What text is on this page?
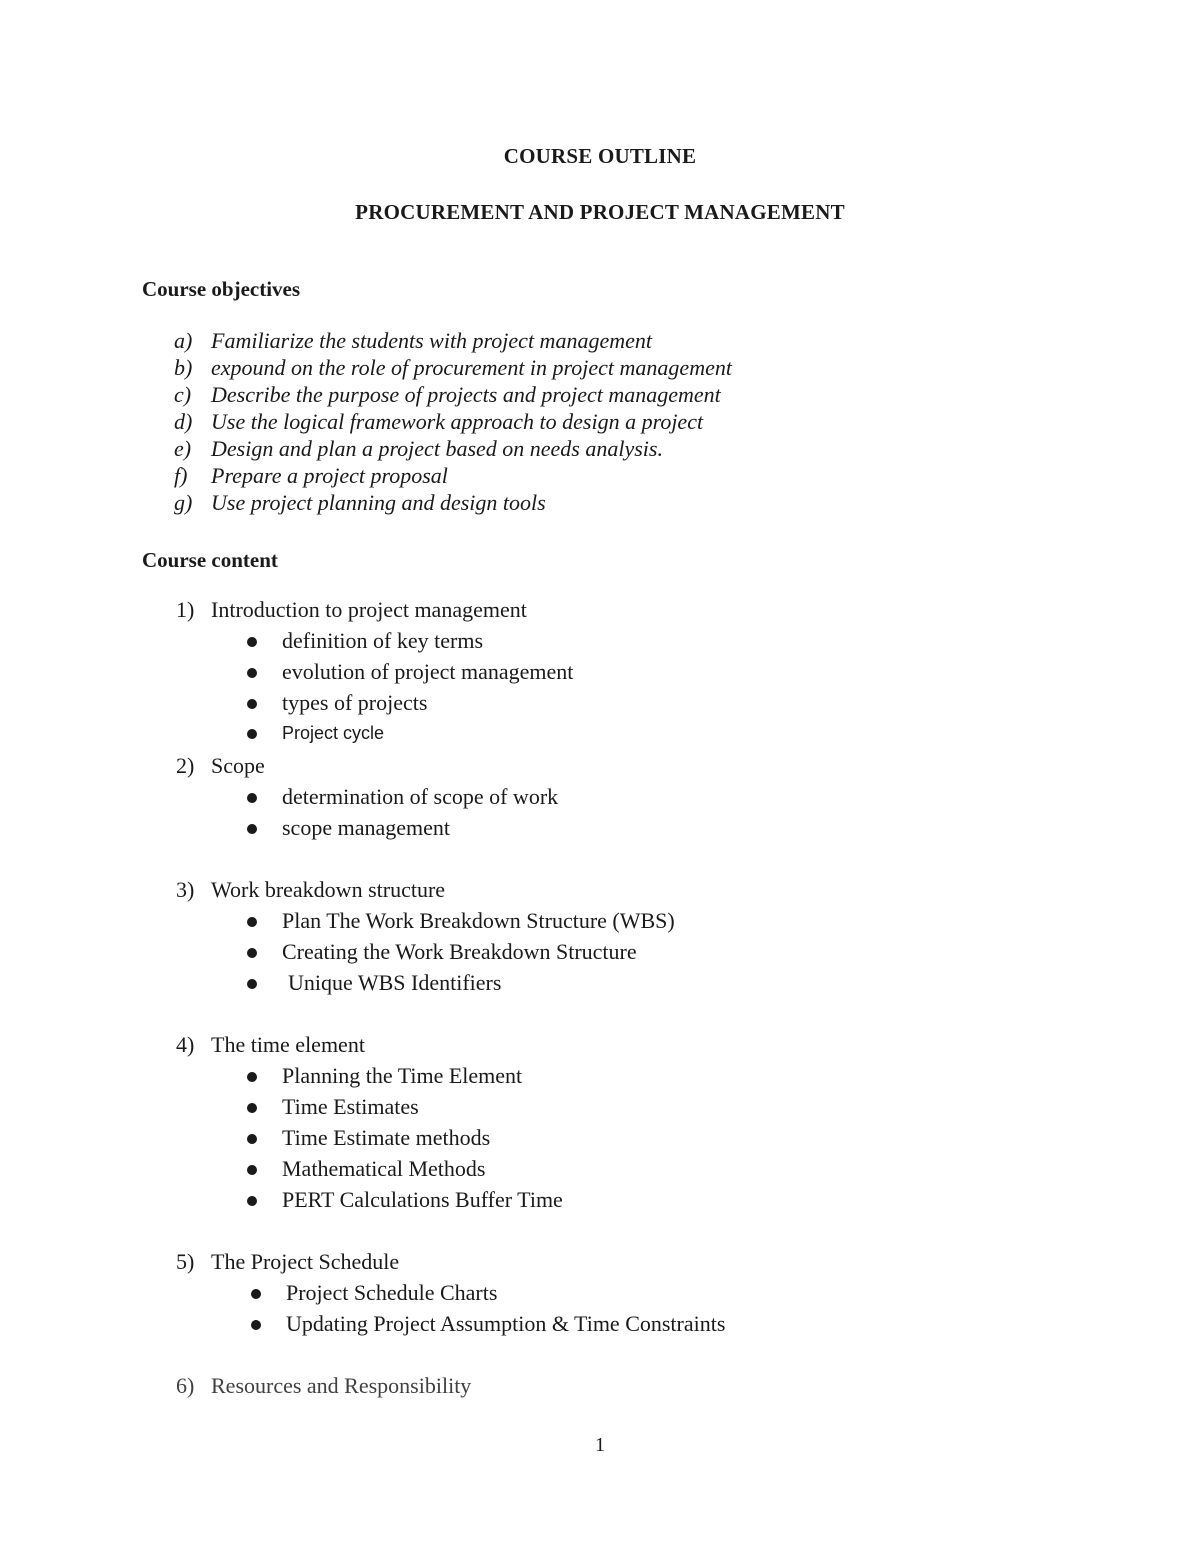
COURSE OUTLINE
PROCUREMENT AND PROJECT MANAGEMENT
Course objectives
a) Familiarize the students with project management
b) expound on the role of procurement in project management
c) Describe the purpose of projects and project management
d) Use the logical framework approach to design a project
e) Design and plan a project based on needs analysis.
f) Prepare a project proposal
g) Use project planning and design tools
Course content
1) Introduction to project management
definition of key terms
evolution of project management
types of projects
Project cycle
2) Scope
determination of scope of work
scope management
3) Work breakdown structure
Plan The Work Breakdown Structure (WBS)
Creating the Work Breakdown Structure
Unique WBS Identifiers
4) The time element
Planning the Time Element
Time Estimates
Time Estimate methods
Mathematical Methods
PERT Calculations Buffer Time
5) The Project Schedule
Project Schedule Charts
Updating Project Assumption & Time Constraints
6) Resources and Responsibility
1
